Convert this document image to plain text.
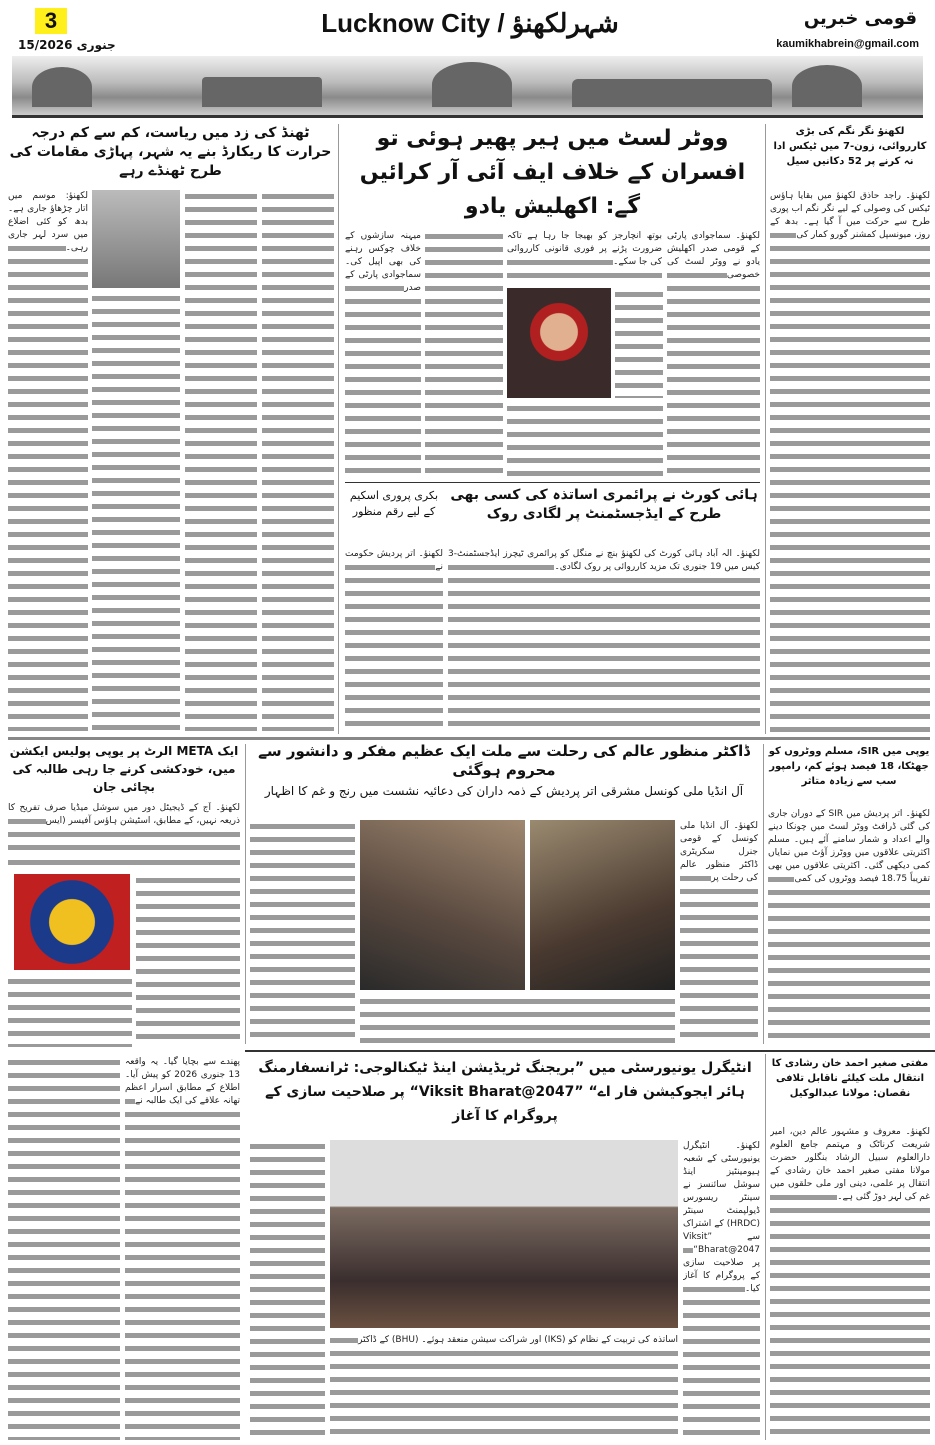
3
15/جنوری 2026
Lucknow City / شہرلکھنؤ	قومی خبریں
kaumikhabrein@gmail.com
ٹھنڈ کی زد میں ریاست، کم سے کم درجہ حرارت کا ریکارڈ بنے یہ شہر، پہاڑی مقامات کی طرح ٹھنڈے رہے
لکھنؤ: موسم میں اتار چڑھاؤ جاری ہے۔ بدھ کو کئی اضلاع میں سرد لہر جاری رہی۔
ووٹر لسٹ میں ہیر پھیر ہوئی تو افسران کے خلاف ایف آئی آر کرائیں گے: اکھلیش یادو
لکھنؤ۔ سماجوادی پارٹی کے قومی صدر اکھلیش یادو نے ووٹر لسٹ کی خصوصی
بوتھ انچارجز کو بھیجا جا رہا ہے تاکہ ضرورت پڑنے پر فوری قانونی کارروائی کی جا سکے۔
میہنہ سازشوں کے خلاف چوکس رہنے کی بھی اپیل کی۔ سماجوادی پارٹی کے صدر
ہائی کورٹ نے پرائمری اساتذہ کی کسی بھی طرح کے ایڈجسٹمنٹ پر لگادی روک
لکھنؤ۔ الہ آباد ہائی کورٹ کی لکھنؤ بنچ نے منگل کو پرائمری ٹیچرز ایڈجسٹمنٹ-3 کیس میں 19 جنوری تک مزید کارروائی پر روک لگادی۔
بکری پروری اسکیم کے لیے رقم منظور
لکھنؤ۔ اتر پردیش حکومت نے
لکھنؤ نگر نگم کی بڑی کارروائی، زون-7 میں ٹیکس ادا نہ کرنے پر 52 دکانیں سیل
لکھنؤ۔ راجد حاذق لکھنؤ میں بقایا ہاؤس ٹیکس کی وصولی کے لیے نگر نگم اب پوری طرح سے حرکت میں آ گیا ہے۔ بدھ کے روز، میونسپل کمشنر گورو کمار کی
یوپی میں SIR، مسلم ووٹروں کو جھٹکا، 18 فیصد ہوئے کم، رامپور سب سے زیادہ متاثر
لکھنؤ۔ اتر پردیش میں SIR کے دوران جاری کی گئی ڈرافٹ ووٹر لسٹ میں چونکا دینے والے اعداد و شمار سامنے آئے ہیں۔ مسلم اکثریتی علاقوں میں ووٹرز آؤٹ میں نمایاں کمی دیکھی گئی۔ اکثریتی علاقوں میں بھی تقریباً 18.75 فیصد ووٹروں کی کمی
ڈاکٹر منظور عالم کی رحلت سے ملت ایک عظیم مفکر و دانشور سے محروم ہوگئی
آل انڈیا ملی کونسل مشرقی اتر پردیش کے ذمہ داران کی دعائیہ نشست میں رنج و غم کا اظہار
لکھنؤ۔ آل انڈیا ملی کونسل کے قومی جنرل سکریٹری ڈاکٹر منظور عالم کی رحلت پر
ایک META الرٹ پر یوپی پولیس ایکشن میں، خودکشی کرنے جا رہی طالبہ کی بچائی جان
لکھنؤ۔ آج کے ڈیجیٹل دور میں سوشل میڈیا صرف تفریح کا ذریعہ نہیں، کے مطابق، اسٹیشن ہاؤس آفیسر (ایس
انٹیگرل یونیورسٹی میں ”بریجنگ ٹریڈیشن اینڈ ٹیکنالوجی: ٹرانسفارمنگ ہائر ایجوکیشن فار اے“ ”Viksit Bharat@2047“ پر صلاحیت سازی کے پروگرام کا آغاز
لکھنؤ۔ انٹیگرل یونیورسٹی کے شعبہ ہیومینٹیز اینڈ سوشل سائنسز نے سینٹر ریسورس ڈیولپمنٹ سینٹر (HRDC) کے اشتراک سے ”Viksit Bharat@2047“ پر صلاحیت سازی کے پروگرام کا آغاز کیا۔
اساتذہ کی تربیت کے نظام کو (IKS) اور شراکت سیشن منعقد ہوئے۔ (BHU) کے ڈاکٹر
پھندے سے بچایا گیا۔ یہ واقعہ 13 جنوری 2026 کو پیش آیا۔ اطلاع کے مطابق اسرار اعظم تھانہ علاقے کی ایک طالبہ نے
مفتی صغیر احمد خان رشادی کا انتقال ملت کیلئے ناقابل تلافی نقصان: مولانا عبدالوکیل
لکھنؤ۔ معروف و مشہور عالم دین، امیر شریعت کرناٹک و مہتمم جامع العلوم دارالعلوم سبیل الرشاد بنگلور حضرت مولانا مفتی صغیر احمد خان رشادی کے انتقال پر علمی، دینی اور ملی حلقوں میں غم کی لہر دوڑ گئی ہے۔
